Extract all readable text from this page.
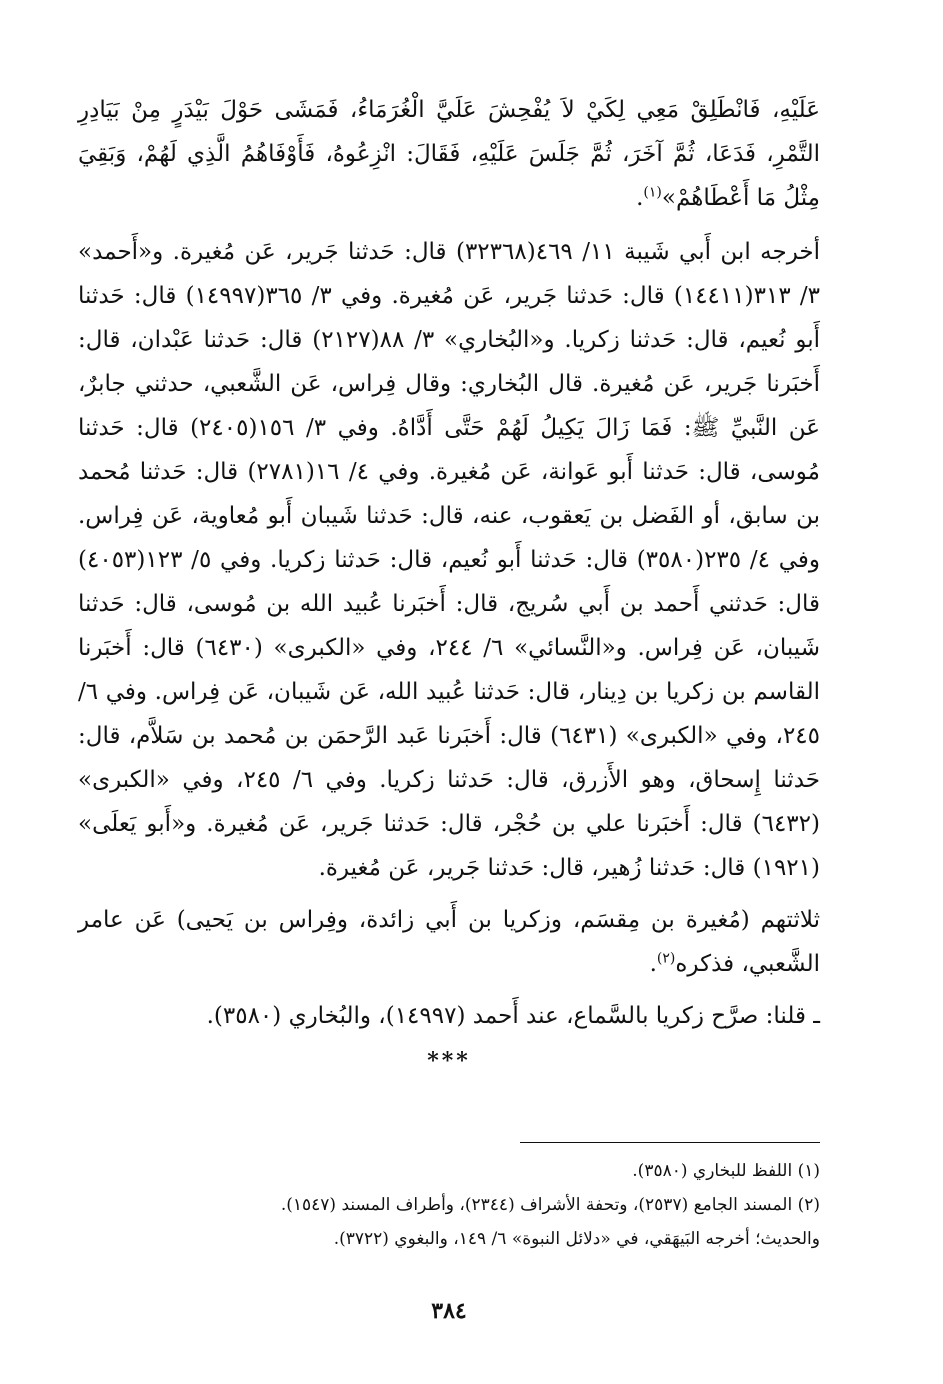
عَلَيْهِ، فَانْطَلِقْ مَعِي لِكَيْ لاَ يُفْحِشَ عَلَيَّ الْغُرَمَاءُ، فَمَشَى حَوْلَ بَيْدَرٍ مِنْ بَيَادِرِ التَّمْرِ، فَدَعَا، ثُمَّ آخَرَ، ثُمَّ جَلَسَ عَلَيْهِ، فَقَالَ: انْزِعُوهُ، فَأَوْفَاهُمُ الَّذِي لَهُمْ، وَبَقِيَ مِثْلُ مَا أَعْطَاهُمْ»$^{(١)}$.

أخرجه ابن أَبي شَيبة ١١/ ٤٦٩(٣٢٣٦٨) قال: حَدثنا جَرير، عَن مُغيرة. و«أَحمد» ٣/ ٣١٣(١٤٤١١) قال: حَدثنا جَرير، عَن مُغيرة. وفي ٣/ ٣٦٥(١٤٩٩٧) قال: حَدثنا أَبو نُعيم، قال: حَدثنا زكريا. و«البُخاري» ٣/ ٨٨(٢١٢٧) قال: حَدثنا عَبْدان، قال: أَخبَرنا جَرير، عَن مُغيرة. قال البُخاري: وقال فِراس، عَن الشَّعبي، حدثني جابرٌ، عَن النَّبيِّ ﷺ: فَمَا زَالَ يَكِيلُ لَهُمْ حَتَّى أَدَّاهُ. وفي ٣/ ١٥٦(٢٤٠٥) قال: حَدثنا مُوسى، قال: حَدثنا أَبو عَوانة، عَن مُغيرة. وفي ٤/ ١٦(٢٧٨١) قال: حَدثنا مُحمد بن سابق، أو الفَضل بن يَعقوب، عنه، قال: حَدثنا شَيبان أَبو مُعاوية، عَن فِراس. وفي ٤/ ٢٣٥(٣٥٨٠) قال: حَدثنا أَبو نُعيم، قال: حَدثنا زكريا. وفي ٥/ ١٢٣(٤٠٥٣) قال: حَدثني أَحمد بن أَبي سُريج، قال: أَخبَرنا عُبيد الله بن مُوسى، قال: حَدثنا شَيبان، عَن فِراس. و«النَّسائي» ٦/ ٢٤٤، وفي «الكبرى» (٦٤٣٠) قال: أَخبَرنا القاسم بن زكريا بن دِينار، قال: حَدثنا عُبيد الله، عَن شَيبان، عَن فِراس. وفي ٦/ ٢٤٥، وفي «الكبرى» (٦٤٣١) قال: أَخبَرنا عَبد الرَّحمَن بن مُحمد بن سَلاَّم، قال: حَدثنا إِسحاق، وهو الأَزرق، قال: حَدثنا زكريا. وفي ٦/ ٢٤٥، وفي «الكبرى» (٦٤٣٢) قال: أَخبَرنا علي بن حُجْر، قال: حَدثنا جَرير، عَن مُغيرة. و«أَبو يَعلَى» (١٩٢١) قال: حَدثنا زُهير، قال: حَدثنا جَرير، عَن مُغيرة.

ثلاثتهم (مُغيرة بن مِقسَم، وزكريا بن أَبي زائدة، وفِراس بن يَحيى) عَن عامر الشَّعبي، فذكره$^{(٢)}$.

ـ قلنا: صرَّح زكريا بالسَّماع، عند أَحمد (١٤٩٩٧)، والبُخاري (٣٥٨٠).

***

(١) اللفظ للبخاري (٣٥٨٠).

(٢) المسند الجامع (٢٥٣٧)، وتحفة الأشراف (٢٣٤٤)، وأطراف المسند (١٥٤٧).

والحديث؛ أخرجه البَيهَقي، في «دلائل النبوة» ٦/ ١٤٩، والبغوي (٣٧٢٢).

٣٨٤
